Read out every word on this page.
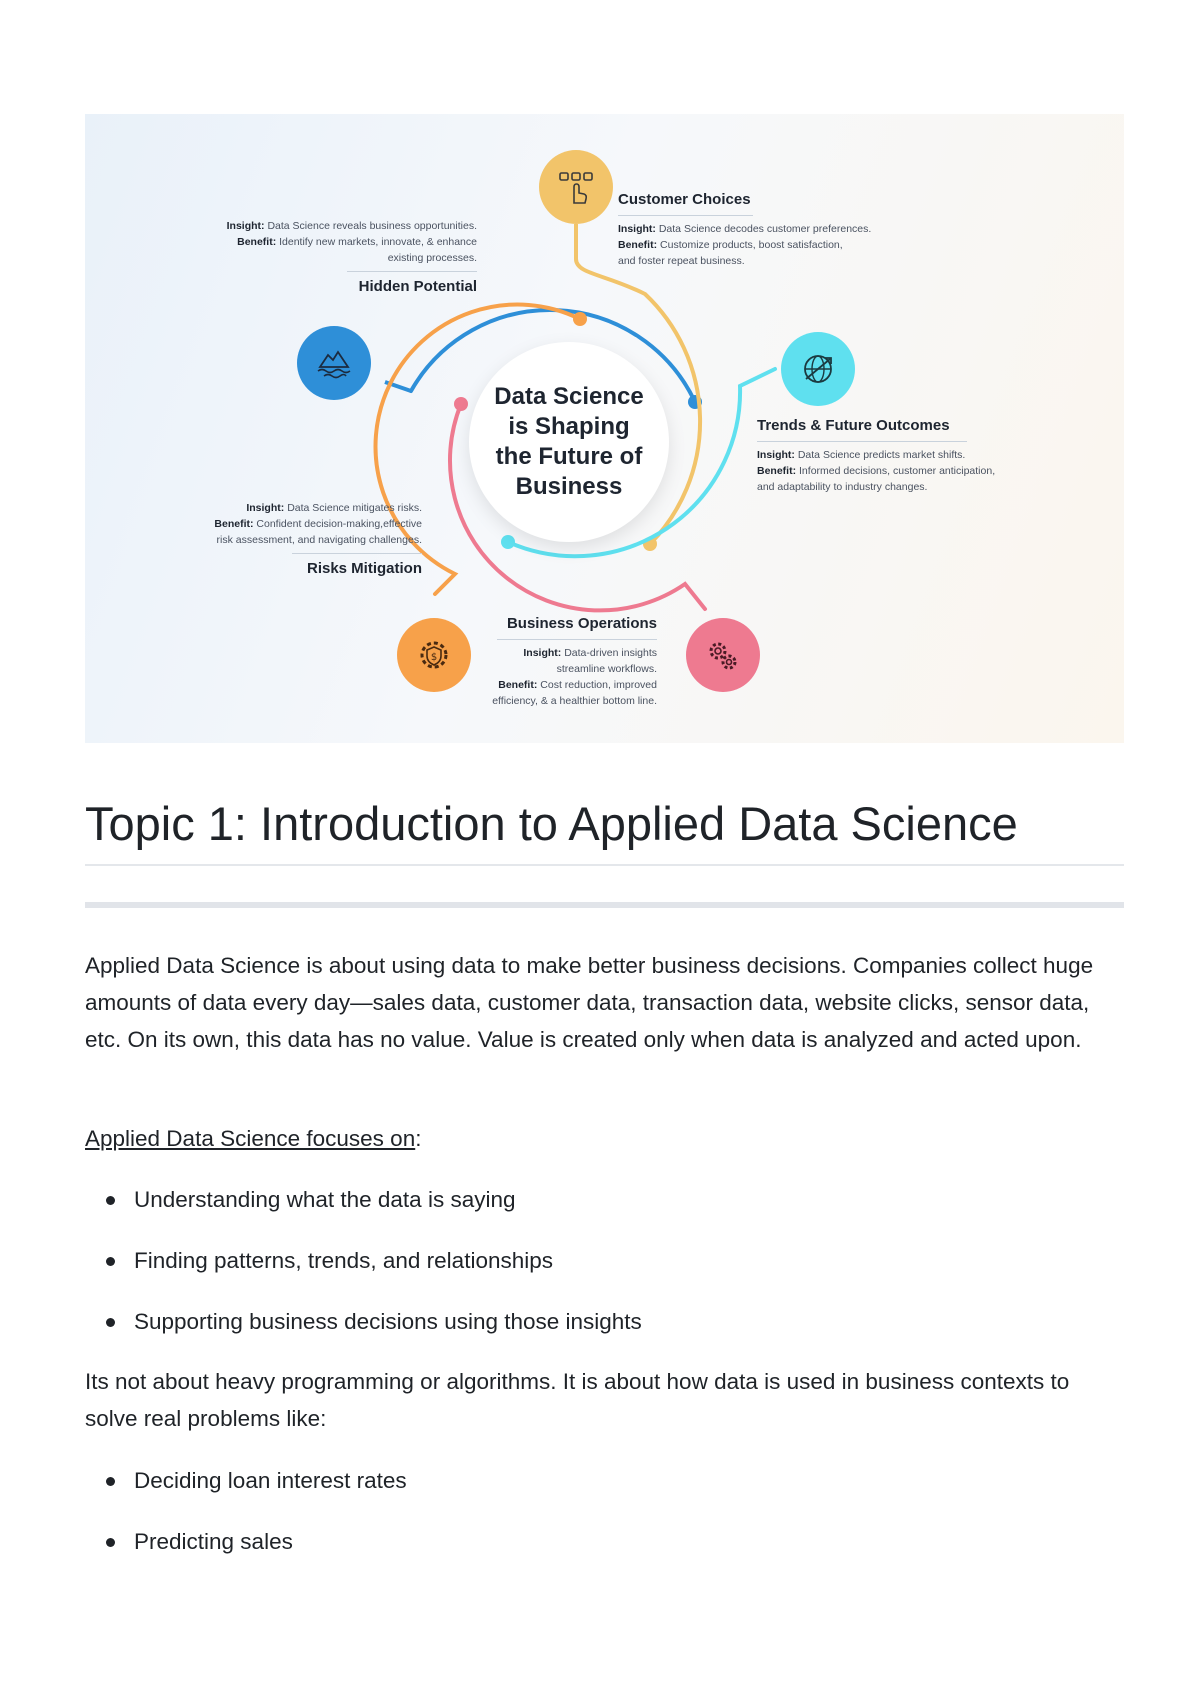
Data Science
is Shaping
the Future of
Business
$
Customer Choices
Insight: Data Science decodes customer preferences.
Benefit: Customize products, boost satisfaction,
and foster repeat business.
Insight: Data Science reveals business opportunities.
Benefit: Identify new markets, innovate, & enhance
existing processes.
Hidden Potential
Trends & Future Outcomes
Insight: Data Science predicts market shifts.
Benefit: Informed decisions, customer anticipation,
and adaptability to industry changes.
Insight: Data Science mitigates risks.
Benefit: Confident decision-making,effective
risk assessment, and navigating challenges.
Risks Mitigation
Business Operations
Insight: Data-driven insights
streamline workflows.
Benefit: Cost reduction, improved
efficiency, & a healthier bottom line.
Topic 1: Introduction to Applied Data Science

Applied Data Science is about using data to make better business decisions. Companies collect huge amounts of data every day—sales data, customer data, transaction data, website clicks, sensor data, etc. On its own, this data has no value. Value is created only when data is analyzed and acted upon.

Applied Data Science focuses on:
Understanding what the data is saying
Finding patterns, trends, and relationships
Supporting business decisions using those insights

Its not about heavy programming or algorithms. It is about how data is used in business contexts to solve real problems like:

Deciding loan interest rates
Predicting sales
